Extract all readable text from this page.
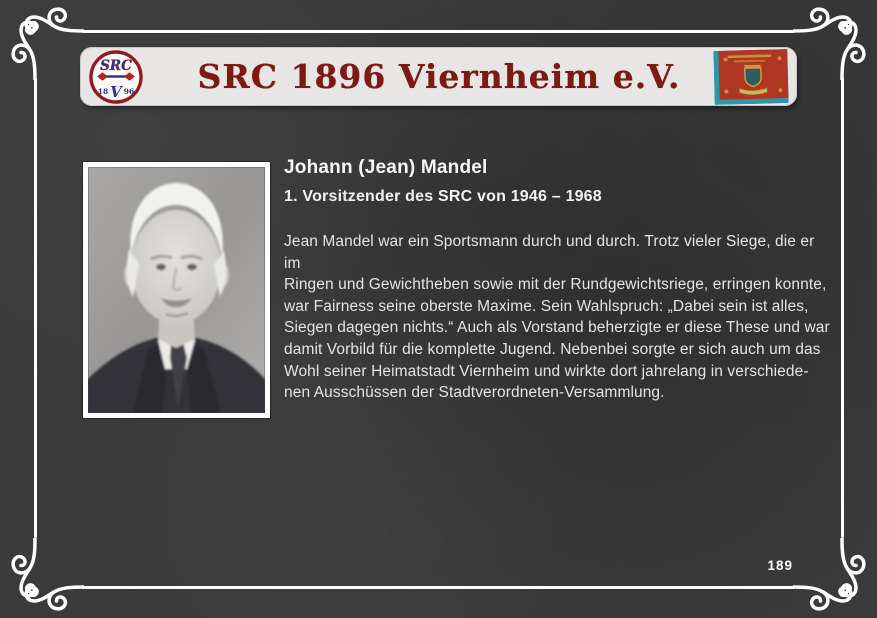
SRC
18 V 96	SRC 1896 Viernheim e.V.
Johann (Jean) Mandel
1. Vorsitzender des SRC von 1946 – 1968
Jean Mandel war ein Sportsmann durch und durch. Trotz vieler Siege, die er im
Ringen und Gewichtheben sowie mit der Rundgewichtsriege, erringen konnte,
war Fairness seine oberste Maxime. Sein Wahlspruch: „Dabei sein ist alles,
Siegen dagegen nichts.“ Auch als Vorstand beherzigte er diese These und war
damit Vorbild für die komplette Jugend. Nebenbei sorgte er sich auch um das
Wohl seiner Heimatstadt Viernheim und wirkte dort jahrelang in verschiede-
nen Ausschüssen der Stadtverordneten-Versammlung.
189
